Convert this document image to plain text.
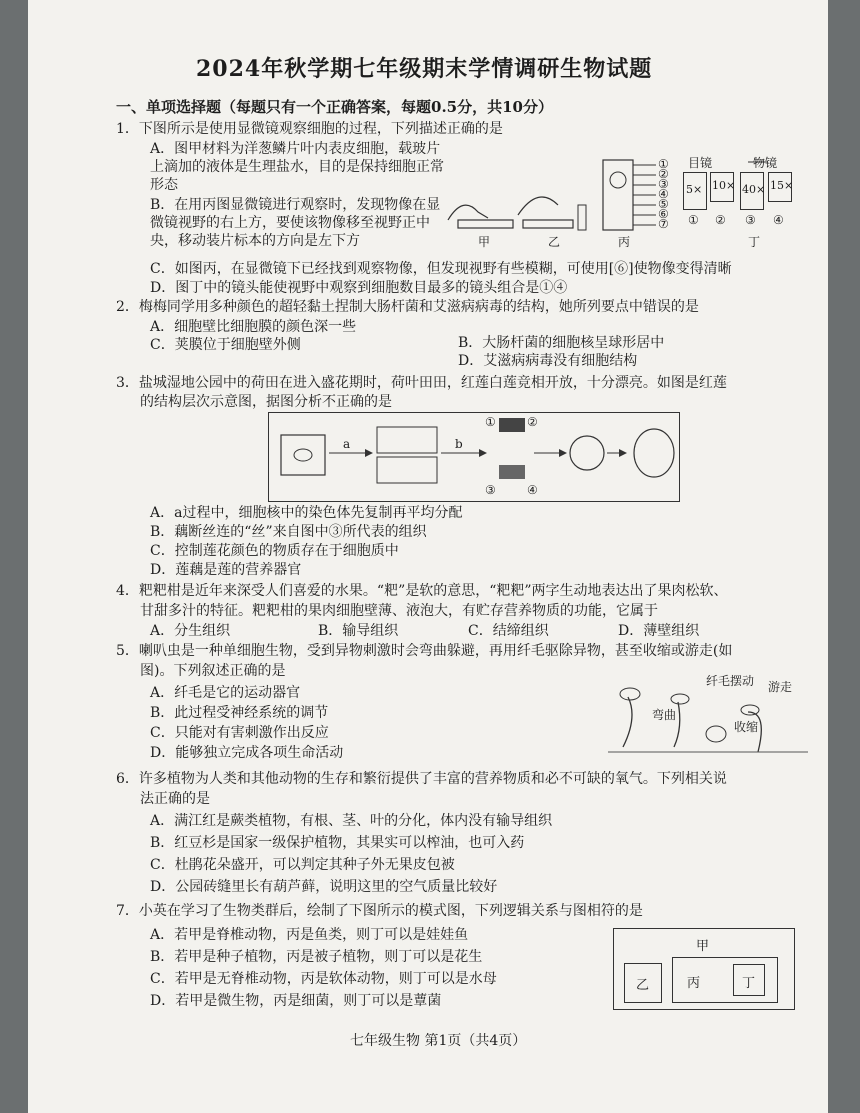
2024年秋学期七年级期末学情调研生物试题
一、单项选择题（每题只有一个正确答案，每题0.5分，共10分）
1．下图所示是使用显微镜观察细胞的过程，下列描述正确的是
A．图甲材料为洋葱鳞片叶内表皮细胞，载玻片上滴加的液体是生理盐水，目的是保持细胞正常形态
B．在用丙图显微镜进行观察时，发现物像在显微镜视野的右上方，要使该物像移至视野正中央，移动装片标本的方向是左下方
C．如图丙，在显微镜下已经找到观察物像，但发现视野有些模糊，可使用[⑥]使物像变得清晰
D．图丁中的镜头能使视野中观察到细胞数目最多的镜头组合是①④
甲	乙	丙	丁
①
②
③
④
⑤
⑥
⑦
目镜	物镜
5× 10× 40× 15×
① ② ③ ④
2．梅梅同学用多种颜色的超轻黏土捏制大肠杆菌和艾滋病病毒的结构，她所列要点中错误的是
A．细胞壁比细胞膜的颜色深一些
B．大肠杆菌的细胞核呈球形居中
C．荚膜位于细胞壁外侧
D．艾滋病病毒没有细胞结构
3．盐城湿地公园中的荷田在进入盛花期时，荷叶田田，红莲白莲竞相开放，十分漂亮。如图是红莲
的结构层次示意图，据图分析不正确的是
a	b
①	②
③	④
A．a过程中，细胞核中的染色体先复制再平均分配
B．藕断丝连的“丝”来自图中③所代表的组织
C．控制莲花颜色的物质存在于细胞质中
D．莲藕是莲的营养器官
4．粑粑柑是近年来深受人们喜爱的水果。“粑”是软的意思，“粑粑”两字生动地表达出了果肉松软、
甘甜多汁的特征。粑粑柑的果肉细胞壁薄、液泡大，有贮存营养物质的功能，它属于
A．分生组织	B．输导组织	C．结缔组织	D．薄壁组织
5．喇叭虫是一种单细胞生物，受到异物刺激时会弯曲躲避，再用纤毛驱除异物，甚至收缩或游走(如
图)。下列叙述正确的是
A．纤毛是它的运动器官
B．此过程受神经系统的调节
C．只能对有害刺激作出反应
D．能够独立完成各项生命活动
纤毛摆动 游走
弯曲
收缩
6．许多植物为人类和其他动物的生存和繁衍提供了丰富的营养物质和必不可缺的氧气。下列相关说
法正确的是
A．满江红是蕨类植物，有根、茎、叶的分化，体内没有输导组织
B．红豆杉是国家一级保护植物，其果实可以榨油，也可入药
C．杜鹃花朵盛开，可以判定其种子外无果皮包被
D．公园砖缝里长有葫芦藓，说明这里的空气质量比较好
7．小英在学习了生物类群后，绘制了下图所示的模式图，下列逻辑关系与图相符的是
A．若甲是脊椎动物，丙是鱼类，则丁可以是娃娃鱼
B．若甲是种子植物，丙是被子植物，则丁可以是花生
C．若甲是无脊椎动物，丙是软体动物，则丁可以是水母
D．若甲是微生物，丙是细菌，则丁可以是蕈菌
甲
乙	丙	丁
七年级生物 第1页（共4页）
